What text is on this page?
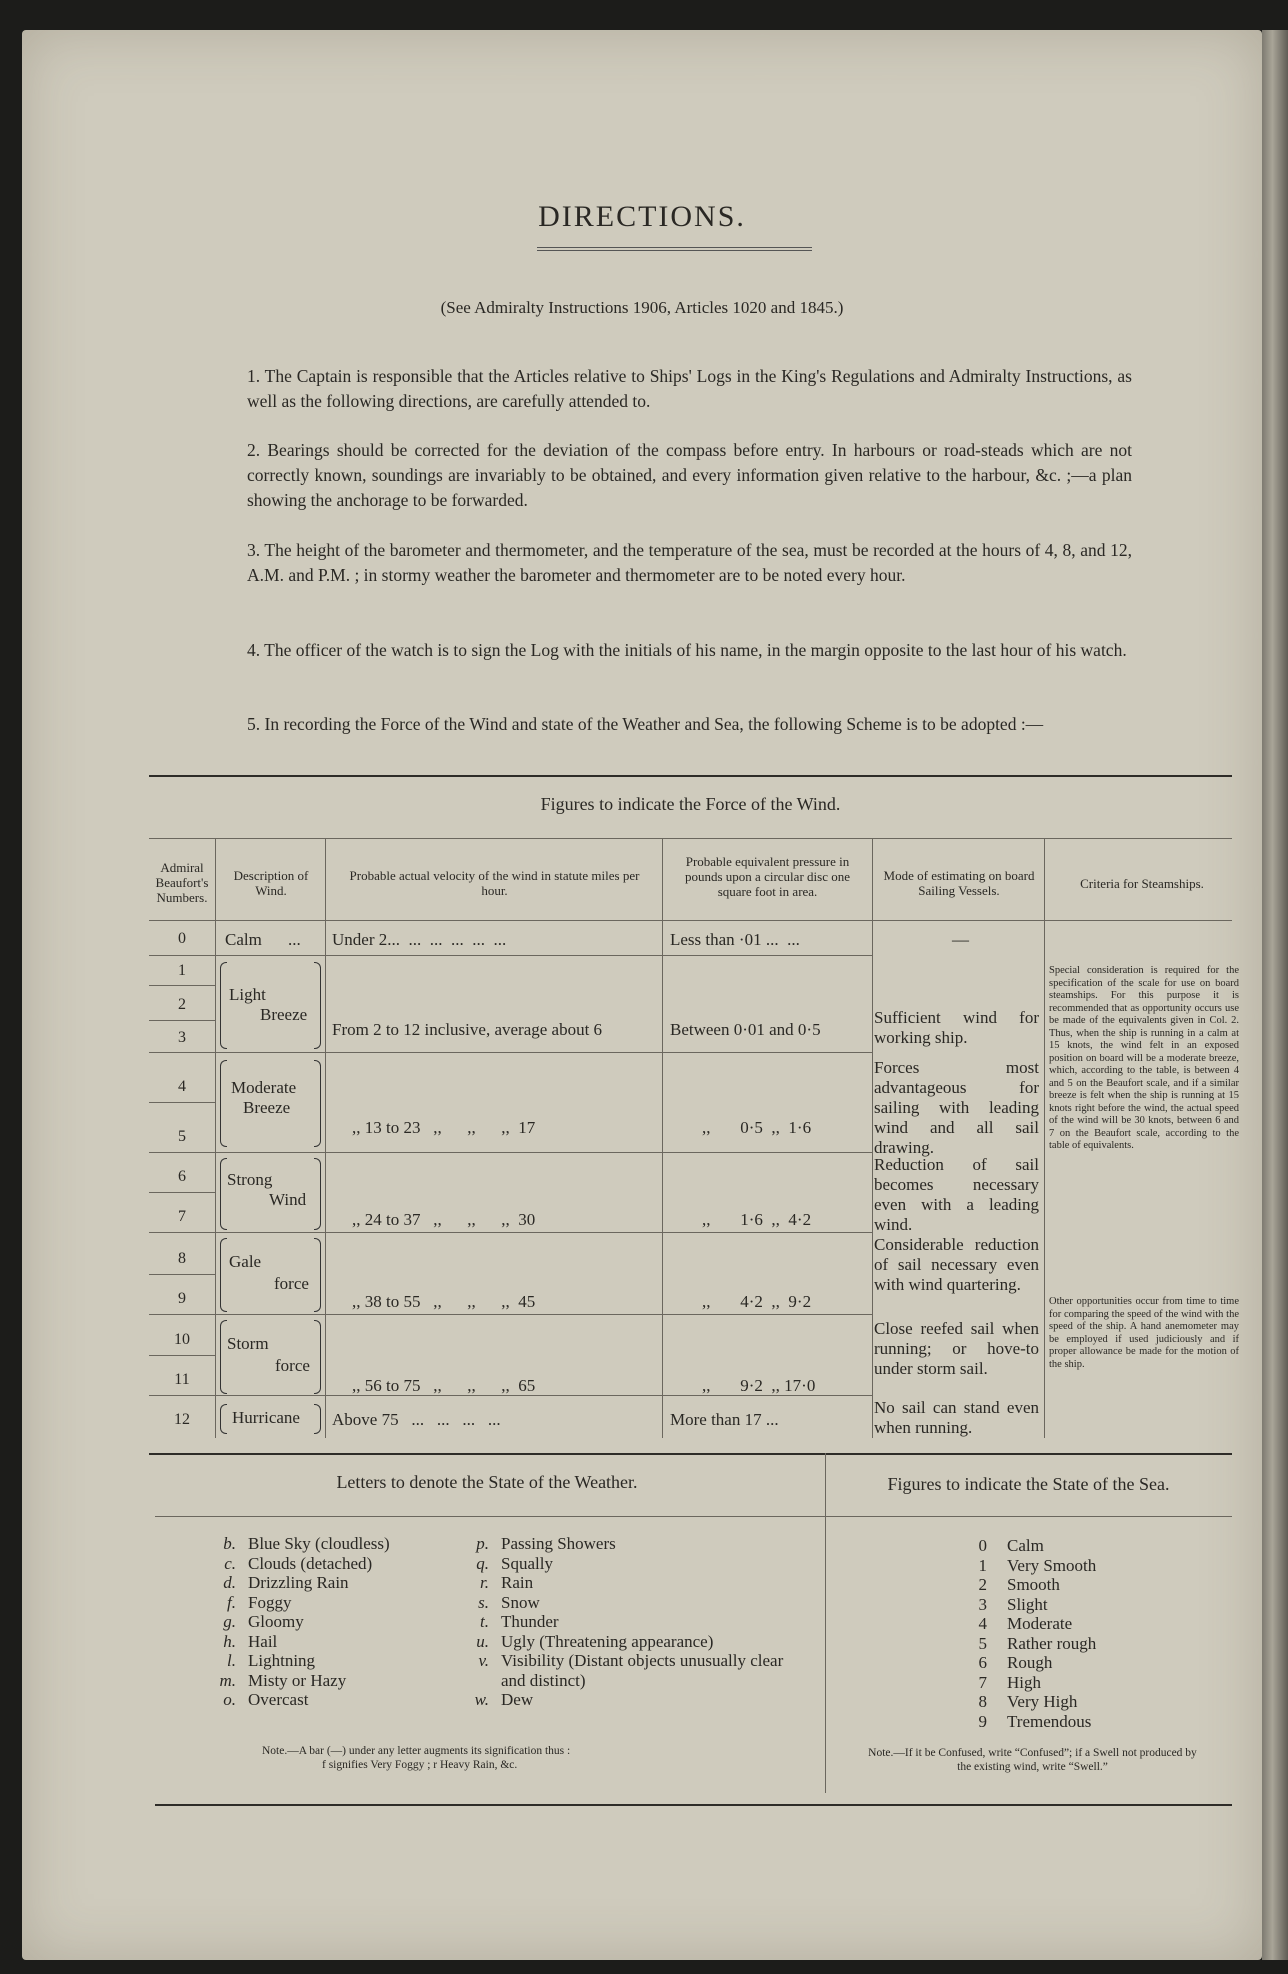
DIRECTIONS.
(See Admiralty Instructions 1906, Articles 1020 and 1845.)
1. The Captain is responsible that the Articles relative to Ships' Logs in the King's Regulations and Admiralty Instructions, as well as the following directions, are carefully attended to.
2. Bearings should be corrected for the deviation of the compass before entry. In harbours or road-steads which are not correctly known, soundings are invariably to be obtained, and every information given relative to the harbour, &c. ;—a plan showing the anchorage to be forwarded.
3. The height of the barometer and thermometer, and the temperature of the sea, must be recorded at the hours of 4, 8, and 12, A.M. and P.M. ; in stormy weather the barometer and thermometer are to be noted every hour.
4. The officer of the watch is to sign the Log with the initials of his name, in the margin opposite to the last hour of his watch.
5. In recording the Force of the Wind and state of the Weather and Sea, the following Scheme is to be adopted :—
Figures to indicate the Force of the Wind.
Admiral Beaufort's Numbers.
Description of Wind.
Probable actual velocity of the wind in statute miles per hour.
Probable equivalent pressure in pounds upon a circular disc one square foot in area.
Mode of estimating on board Sailing Vessels.	Criteria for Steamships.
0
1
2
3
4
5
6
7
8
9
10
11
12
Calm ...
Light
Breeze
Moderate
Breeze
Strong
Wind
Gale
force
Storm
force
Hurricane
Under 2...  ...  ...  ...  ...  ...
From 2 to 12 inclusive, average about 6
,, 13 to 23   ,,      ,,      ,,  17
,, 24 to 37   ,,      ,,      ,,  30
,, 38 to 55   ,,      ,,      ,,  45
,, 56 to 75   ,,      ,,      ,,  65
Above 75   ...   ...   ...   ...
Less than ·01 ...  ...
Between 0·01 and 0·5
,,       0·5  ,,  1·6
,,       1·6  ,,  4·2
,,       4·2  ,,  9·2
,,       9·2  ,, 17·0
More than 17 ...
—
Sufficient wind for working ship.
Forces most advantageous for sailing with leading wind and all sail drawing.
Reduction of sail becomes necessary even with a leading wind.
Considerable reduction of sail necessary even with wind quartering.
Close reefed sail when running; or hove-to under storm sail.
No sail can stand even when running.
Special consideration is required for the specification of the scale for use on board steamships. For this purpose it is recommended that as opportunity occurs use be made of the equivalents given in Col. 2. Thus, when the ship is running in a calm at 15 knots, the wind felt in an exposed position on board will be a moderate breeze, which, according to the table, is between 4 and 5 on the Beaufort scale, and if a similar breeze is felt when the ship is running at 15 knots right before the wind, the actual speed of the wind will be 30 knots, between 6 and 7 on the Beaufort scale, according to the table of equivalents.
Other opportunities occur from time to time for comparing the speed of the wind with the speed of the ship. A hand anemometer may be employed if used judiciously and if proper allowance be made for the motion of the ship.
Letters to denote the State of the Weather.	Figures to indicate the State of the Sea.
b. Blue Sky (cloudless)
c. Clouds (detached)
d. Drizzling Rain
f. Foggy
g. Gloomy
h. Hail
l. Lightning
m. Misty or Hazy
o. Overcast
p. Passing Showers
q. Squally
r. Rain
s. Snow
t. Thunder
u. Ugly (Threatening appearance)
v. Visibility (Distant objects unusually clear and distinct)
w. Dew
Note.—A bar (—) under any letter augments its signification thus :
f signifies Very Foggy ; r Heavy Rain, &c.
0 Calm
1 Very Smooth
2 Smooth
3 Slight
4 Moderate
5 Rather rough
6 Rough
7 High
8 Very High
9 Tremendous
Note.—If it be Confused, write “Confused”; if a Swell not produced by the existing wind, write “Swell.”
